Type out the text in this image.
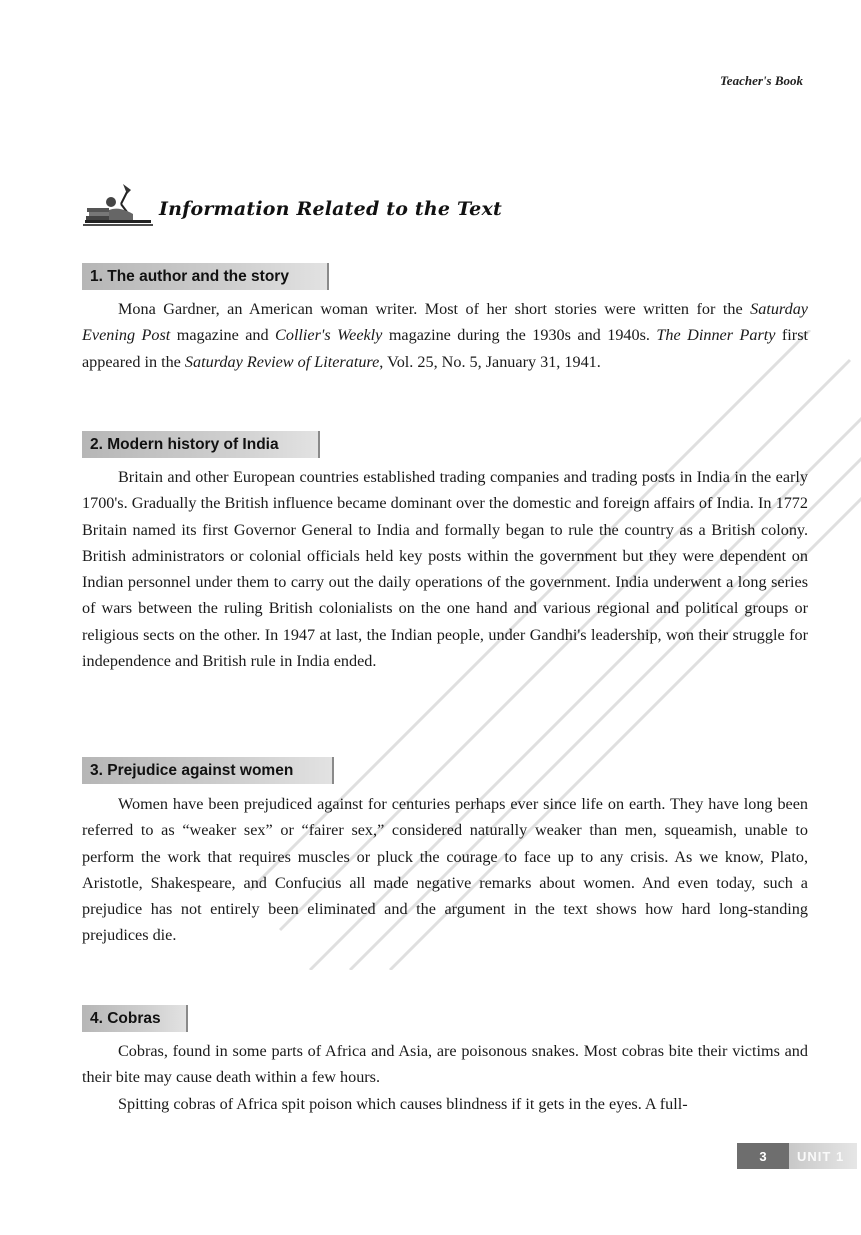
Teacher's Book
Information Related to the Text
1. The author and the story

Mona Gardner, an American woman writer. Most of her short stories were written for the Saturday Evening Post magazine and Collier's Weekly magazine during the 1930s and 1940s. The Dinner Party first appeared in the Saturday Review of Literature, Vol. 25, No. 5, January 31, 1941.

2. Modern history of India

Britain and other European countries established trading companies and trading posts in India in the early 1700's. Gradually the British influence became dominant over the domestic and foreign affairs of India. In 1772 Britain named its first Governor General to India and formally began to rule the country as a British colony. British administrators or colonial officials held key posts within the government but they were dependent on Indian personnel under them to carry out the daily operations of the government. India underwent a long series of wars between the ruling British colonialists on the one hand and various regional and political groups or religious sects on the other. In 1947 at last, the Indian people, under Gandhi's leadership, won their struggle for independence and British rule in India ended.

3. Prejudice against women

Women have been prejudiced against for centuries perhaps ever since life on earth. They have long been referred to as “weaker sex” or “fairer sex,” considered naturally weaker than men, squeamish, unable to perform the work that requires muscles or pluck the courage to face up to any crisis. As we know, Plato, Aristotle, Shakespeare, and Confucius all made negative remarks about women. And even today, such a prejudice has not entirely been eliminated and the argument in the text shows how hard long-standing prejudices die.

4. Cobras

Cobras, found in some parts of Africa and Asia, are poisonous snakes. Most cobras bite their victims and their bite may cause death within a few hours.

Spitting cobras of Africa spit poison which causes blindness if it gets in the eyes. A full-

3	UNIT 1
